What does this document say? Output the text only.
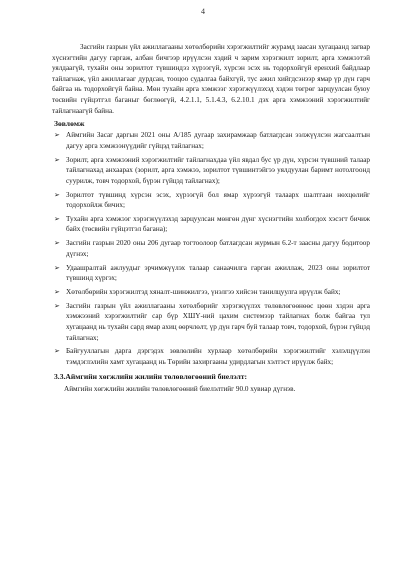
4

Засгийн газрын үйл ажиллагааны хөтөлбөрийн хэрэгжилтийг журамд заасан хугацаанд загвар хүснэгтийн дагуу гаргаж, албан бичгээр ирүүлсэн хэдий ч зарим хэрэгжилт зорилт, арга хэмжээтэй уялдаагүй, тухайн оны зорилтот түвшиндэз хүрээгүй, хүрсэн эсэх нь тодорхойгүй еренхий байдлаар тайлагнаж, үйл ажиллагааг дурдсан, тооцоо судалгаа байхгүй, тус ажил хийгдсэнээр ямар үр дүн гарч байгаа нь тодорхойгүй байна. Мөн тухайн арга хэмжээг хэрэгжүүлэхэд хэдэн төгрөг зарцуулсан буюу төсвийн гүйцэтгэл баганыг бөглөөгүй, 4.2.1.1, 5.1.4.3, 6.2.10.1 дэх арга хэмжээний хэрэгжилтийг тайлагнаагүй байна.

Зөвлөмж
➢ Аймгийн Засаг даргын 2021 оны А/185 дугаар захирамжаар батлагдсан ээлжүүлсэн жагсаалтын дагуу арга хэмжээнүүдийг гүйцэд тайлагнах;
➢ Зорилт, арга хэмжээний хэрэгжилтийг тайлагнахдаа үйл явдал бус үр дүн, хүрсэн түвшний талаар тайлагнахад анхаарах (зорилт, арга хэмжээ, зорилтот түвшинтэйгээ уялдуулан баримт нотолгоонд суурилж, товч тодорхой, бүрэн гүйцэд тайлагнах);
➢ Зорилтот түвшинд хүрсэн эсэх, хүрээгүй бол ямар хүрээгүй талаарх шалтгаан нөхцөлийг тодорхойлж бичих;
➢ Тухайн арга хэмжээг хэрэгжүүлэхэд зарцуулсан мөнгөн дүнг хүснэгтийн холбогдох хэсэгт бичиж байх (төсвийн гүйцэтгэл багана);
➢ Засгийн газрын 2020 оны 206 дугаар тогтоолоор батлагдсан журмын 6.2-т заасны дагуу бодитоор дүгнэх;
➢ Удаашралтай ажлуудыг эрчимжүүлэх талаар санаачилга гарган ажиллаж, 2023 оны зорилтот түвшинд хүргэх;
➢ Хөтөлбөрийн хэрэгжилтэд хяналт-шинжилгээ, үнэлгээ хийсэн танилцуулга ирүүлж байх;
➢ Засгийн газрын үйл ажиллагааны хөтөлбөрийг хэрэгжүүлэх төлөвлөгөөнөөс цөөн хэдэн арга хэмжээний хэрэгжилтийг сар бүр ХШҮ-ний цахим системээр тайлагнах болж байгаа тул хугацаанд нь тухайн сард ямар ахиц өөрчлөлт, үр дүн гарч буй талаар товч, тодорхой, бүрэн гүйцэд тайлагнах;
➢ Байгууллагын дарга дэргэдэх зөвлөлийн хурлаар хөтөлбөрийн хэрэгжилтийг хэлэлцүүлэн тэмдэглэлийн хамт хугацаанд нь Төрийн захиргааны удирдлагын хэлтэст ирүүлж байх;
3.3.Аймгийн хөгжлийн жилийн төлөвлөгөөний биелэлт:

Аймгийн хөгжлийн жилийн төлөвлөгөөний биелэлтийг 90.0 хувиар дүгнэв.
